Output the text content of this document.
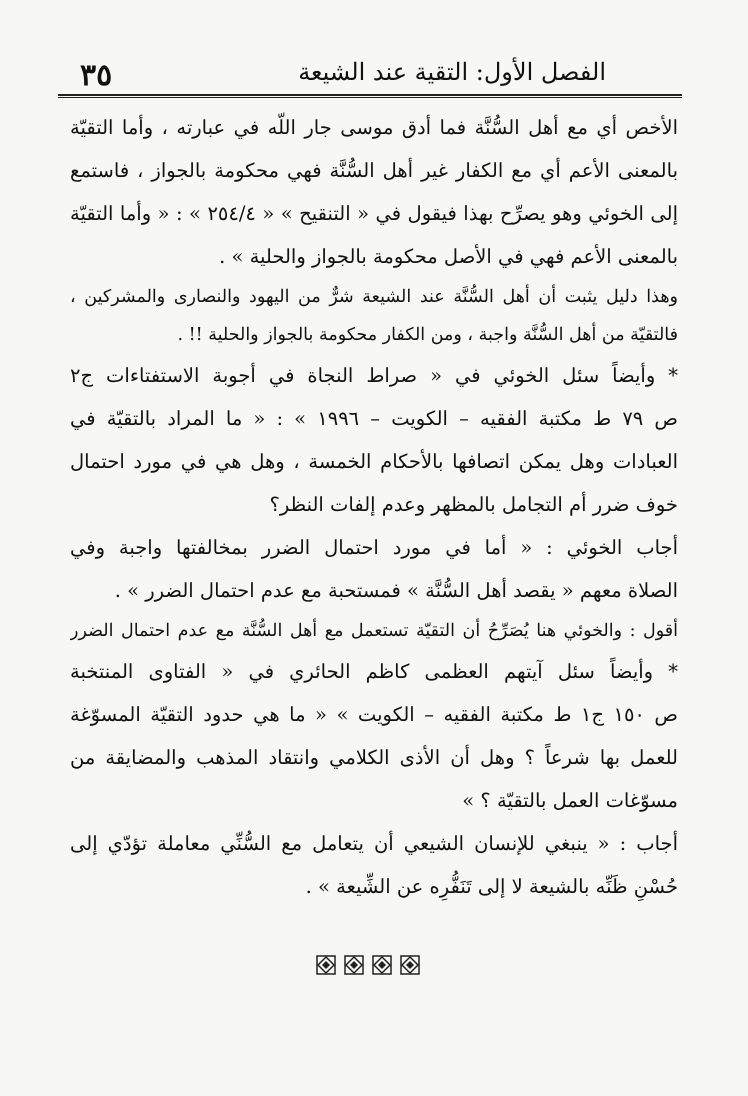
٣٥	الفصل الأول: التقية عند الشيعة
الأخص أي مع أهل السُّنَّة فما أدق موسى جار اللّه في عبارته ، وأما التقيّة
بالمعنى الأعم أي مع الكفار غير أهل السُّنَّة فهي محكومة بالجواز ، فاستمع
إلى الخوئي وهو يصرِّح بهذا فيقول في « التنقيح » « ٢٥٤/٤ » : « وأما التقيّة
بالمعنى الأعم فهي في الأصل محكومة بالجواز والحلية » .
وهذا دليل يثبت أن أهل السُّنَّة عند الشيعة شرٌّ من اليهود والنصارى والمشركين ،
فالتقيّة من أهل السُّنَّة واجبة ، ومن الكفار محكومة بالجواز والحلية !! .
* وأيضاً سئل الخوئي في « صراط النجاة في أجوبة الاستفتاءات ج٢
ص ٧٩ ط مكتبة الفقيه – الكويت – ١٩٩٦ » : « ما المراد بالتقيّة في
العبادات وهل يمكن اتصافها بالأحكام الخمسة ، وهل هي في مورد احتمال
خوف ضرر أم التجامل بالمظهر وعدم إلفات النظر؟
أجاب الخوئي : « أما في مورد احتمال الضرر بمخالفتها واجبة وفي
الصلاة معهم « يقصد أهل السُّنَّة » فمستحبة مع عدم احتمال الضرر » .
أقول : والخوئي هنا يُصَرِّحُ أن التقيّة تستعمل مع أهل السُّنَّة مع عدم احتمال الضرر
* وأيضاً سئل آيتهم العظمى كاظم الحائري في « الفتاوى المنتخبة
ص ١٥٠ ج١ ط مكتبة الفقيه – الكويت » « ما هي حدود التقيّة المسوّغة
للعمل بها شرعاً ؟ وهل أن الأذى الكلامي وانتقاد المذهب والمضايقة من
مسوّغات العمل بالتقيّة ؟ »
أجاب : « ينبغي للإنسان الشيعي أن يتعامل مع السُّنِّي معاملة تؤدّي إلى
حُسْنِ ظَنِّه بالشيعة لا إلى تَنَفُّرِه عن الشِّيعة » .
